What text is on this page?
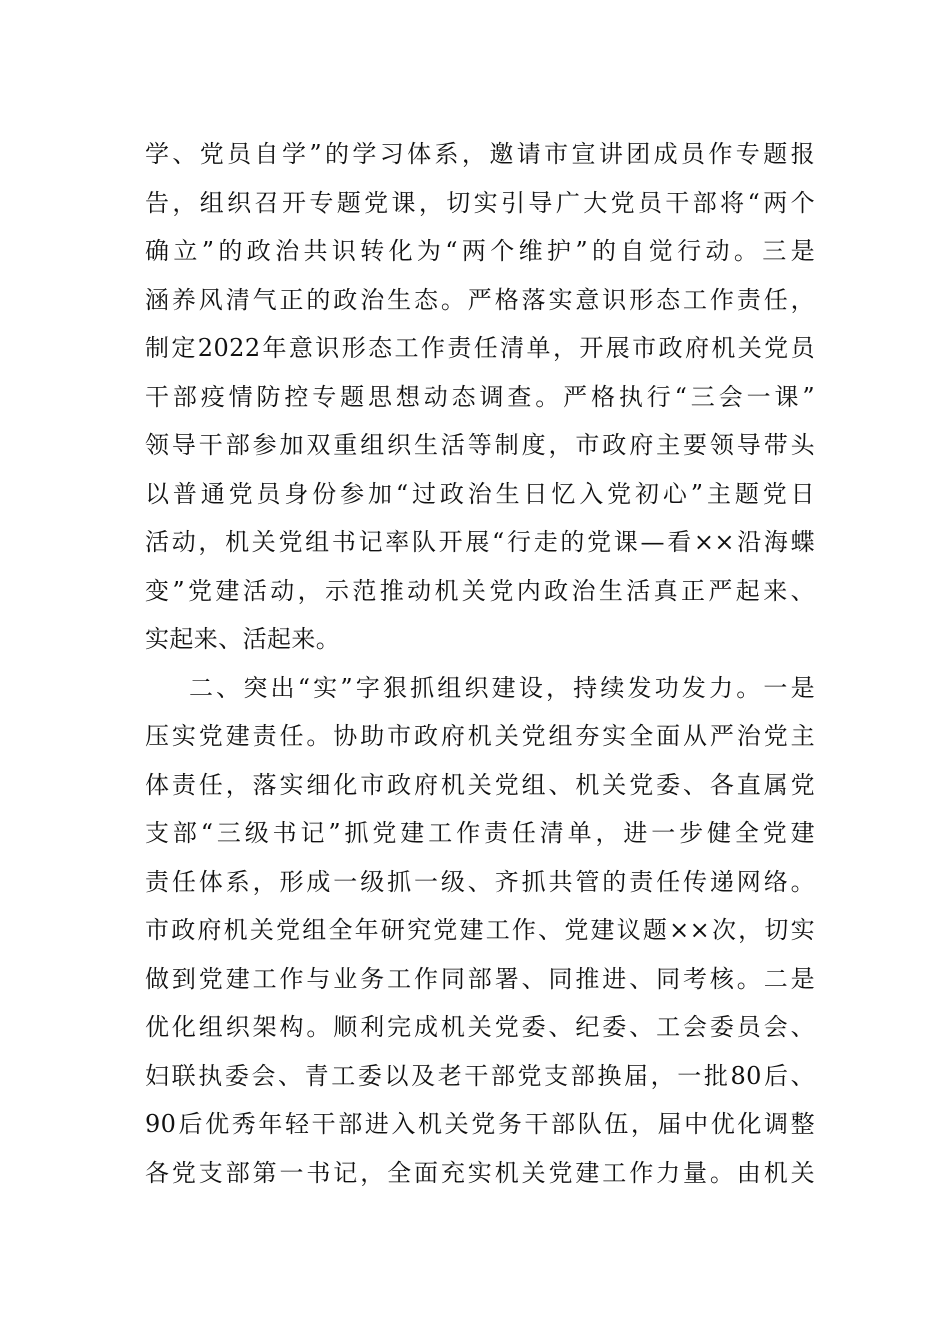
学、党员自学”的学习体系，邀请市宣讲团成员作专题报
告，组织召开专题党课，切实引导广大党员干部将“两个
确立”的政治共识转化为“两个维护”的自觉行动。三是
涵养风清气正的政治生态。严格落实意识形态工作责任，
制定2022年意识形态工作责任清单，开展市政府机关党员
干部疫情防控专题思想动态调查。严格执行“三会一课”
领导干部参加双重组织生活等制度，市政府主要领导带头
以普通党员身份参加“过政治生日忆入党初心”主题党日
活动，机关党组书记率队开展“行走的党课—看××沿海蝶
变”党建活动，示范推动机关党内政治生活真正严起来、
实起来、活起来。
二、突出“实”字狠抓组织建设，持续发功发力。一是
压实党建责任。协助市政府机关党组夯实全面从严治党主
体责任，落实细化市政府机关党组、机关党委、各直属党
支部“三级书记”抓党建工作责任清单，进一步健全党建
责任体系，形成一级抓一级、齐抓共管的责任传递网络。
市政府机关党组全年研究党建工作、党建议题××次，切实
做到党建工作与业务工作同部署、同推进、同考核。二是
优化组织架构。顺利完成机关党委、纪委、工会委员会、
妇联执委会、青工委以及老干部党支部换届，一批80后、
90后优秀年轻干部进入机关党务干部队伍，届中优化调整
各党支部第一书记，全面充实机关党建工作力量。由机关
